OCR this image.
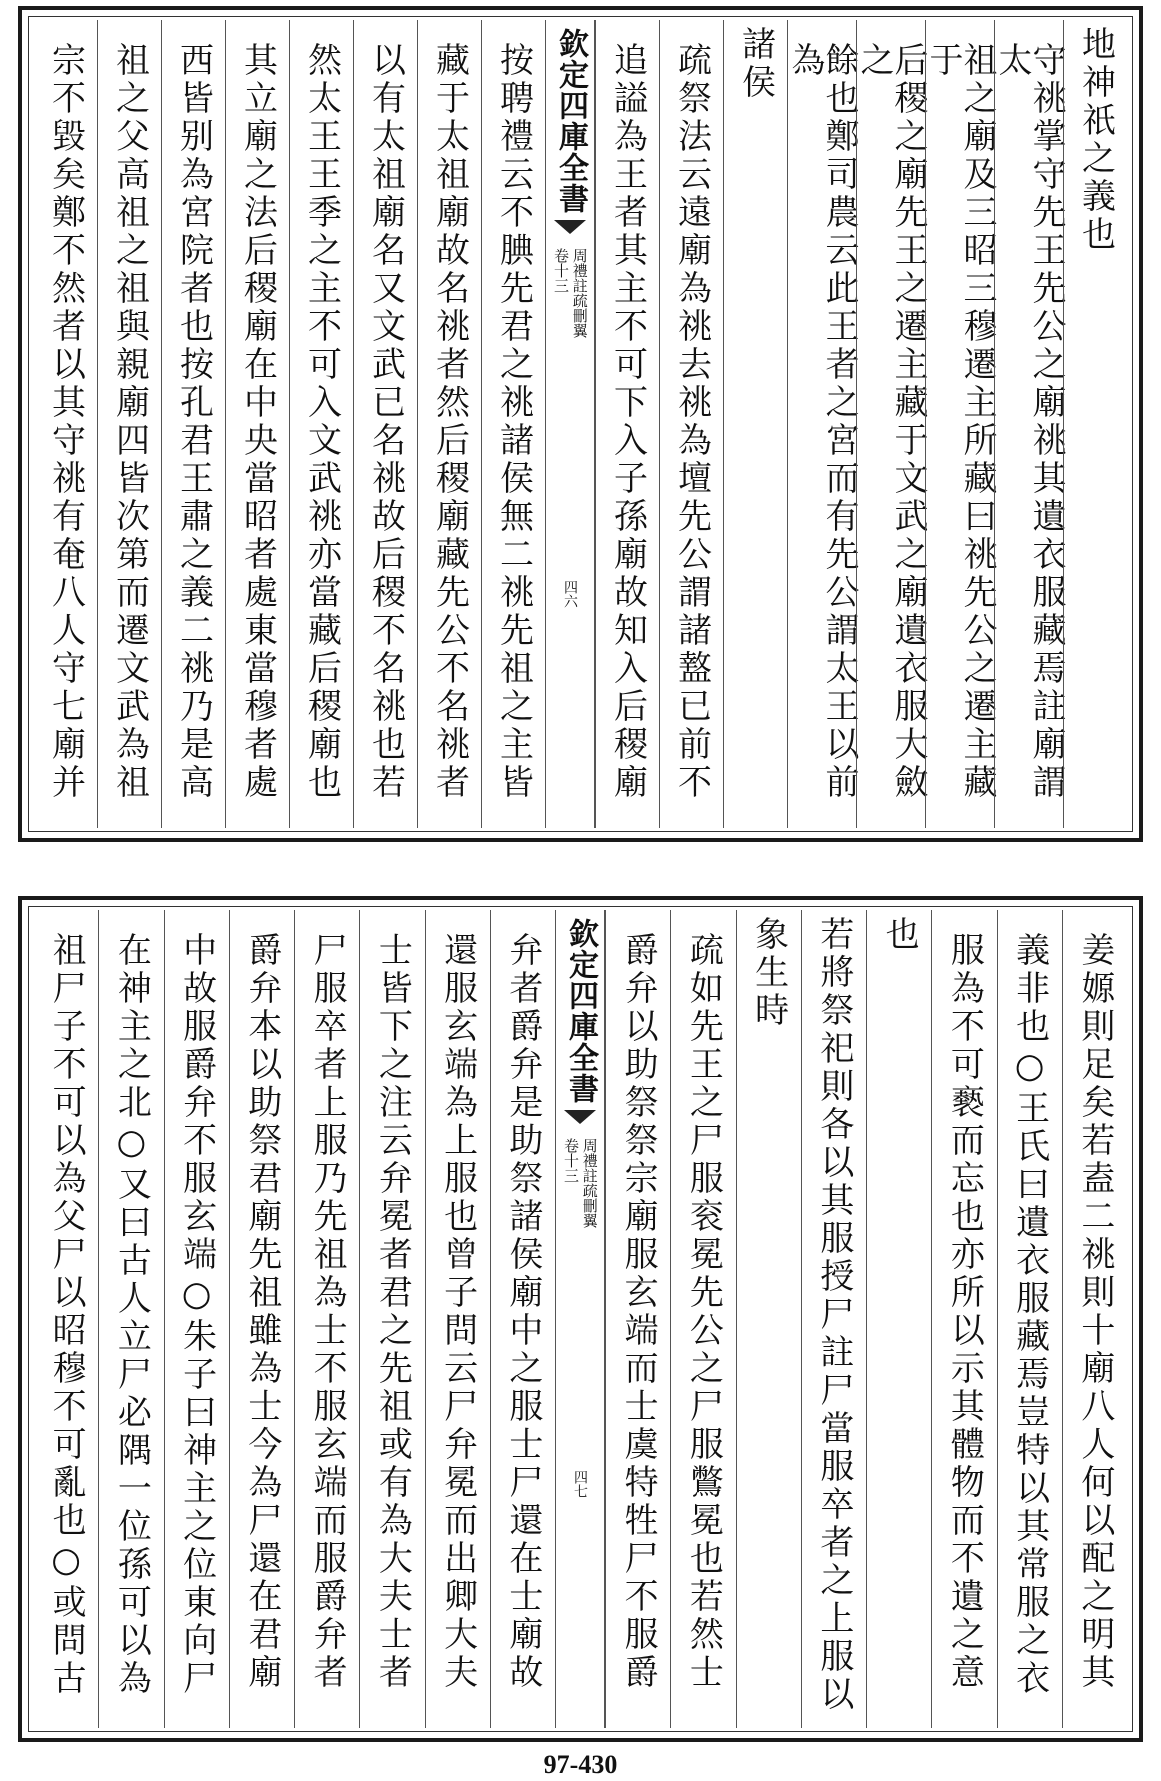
地神祇之義也
守祧掌守先王先公之廟祧其遺衣服藏焉註廟謂太
祖之廟及三昭三穆遷主所藏曰祧先公之遷主藏于
后稷之廟先王之遷主藏于文武之廟遺衣服大斂之
餘也鄭司農云此王者之宮而有先公謂太王以前為
諸侯
疏祭法云遠廟為祧去祧為壇先公謂諸盩已前不
追謚為王者其主不可下入子孫廟故知入后稷廟
欽定四庫全書
周禮註疏刪翼
卷十三
四六
按聘禮云不腆先君之祧諸侯無二祧先祖之主皆
藏于太祖廟故名祧者然后稷廟藏先公不名祧者
以有太祖廟名又文武已名祧故后稷不名祧也若
然太王王季之主不可入文武祧亦當藏后稷廟也
其立廟之法后稷廟在中央當昭者處東當穆者處
西皆别為宮院者也按孔君王肅之義二祧乃是高
祖之父高祖之祖與親廟四皆次第而遷文武為祖
宗不毀矣鄭不然者以其守祧有奄八人守七廟并
姜嫄則足矣若盍二祧則十廟八人何以配之明其
義非也○王氏曰遺衣服藏焉豈特以其常服之衣
服為不可褻而忘也亦所以示其體物而不遺之意
也
若將祭祀則各以其服授尸註尸當服卒者之上服以
象生時
疏如先王之尸服衮冕先公之尸服鷩冕也若然士
爵弁以助祭祭宗廟服玄端而士虞特牲尸不服爵
欽定四庫全書
周禮註疏刪翼
卷十三
四七
弁者爵弁是助祭諸侯廟中之服士尸還在士廟故
還服玄端為上服也曾子問云尸弁冕而出卿大夫
士皆下之注云弁冕者君之先祖或有為大夫士者
尸服卒者上服乃先祖為士不服玄端而服爵弁者
爵弁本以助祭君廟先祖雖為士今為尸還在君廟
中故服爵弁不服玄端○朱子曰神主之位東向尸
在神主之北○又曰古人立尸必隅一位孫可以為
祖尸子不可以為父尸以昭穆不可亂也○或問古
97-430
